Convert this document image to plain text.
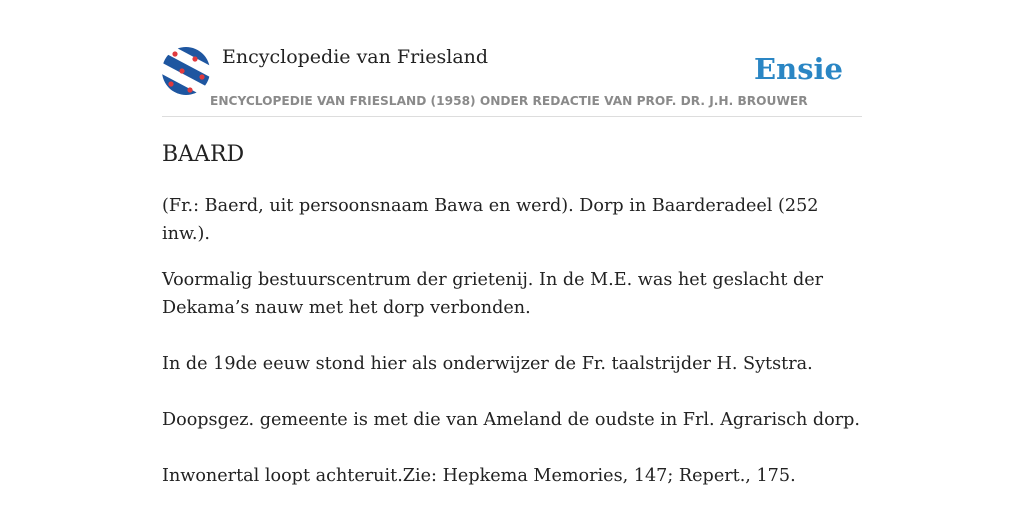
Encyclopedie van Friesland	Ensie
ENCYCLOPEDIE VAN FRIESLAND (1958) ONDER REDACTIE VAN PROF. DR. J.H. BROUWER
BAARD

(Fr.: Baerd, uit persoonsnaam Bawa en werd). Dorp in Baarderadeel (252 inw.).

Voormalig bestuurscentrum der grietenij. In de M.E. was het geslacht der Dekama’s nauw met het dorp verbonden.

In de 19de eeuw stond hier als onderwijzer de Fr. taalstrijder H. Sytstra.

Doopsgez. gemeente is met die van Ameland de oudste in Frl. Agrarisch dorp.

Inwonertal loopt achteruit.Zie: Hepkema Memories, 147; Repert., 175.
